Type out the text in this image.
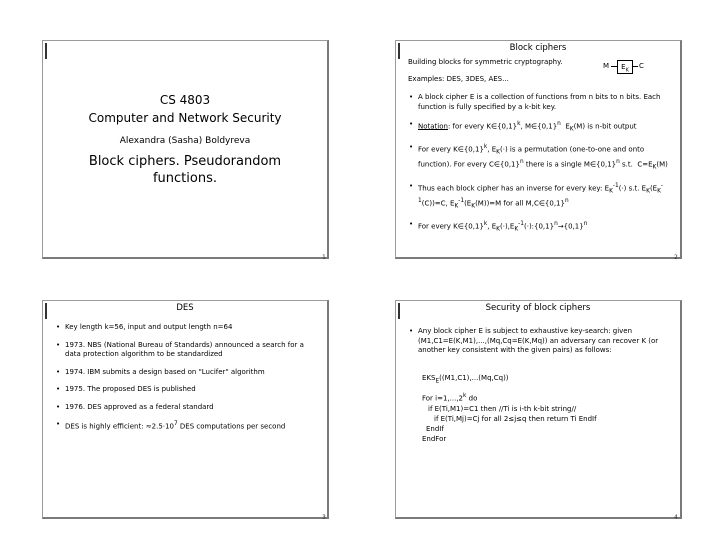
CS 4803
Computer and Network Security
Alexandra (Sasha) Boldyreva
Block ciphers. Pseudorandom functions.
1
Block ciphers
Building blocks for symmetric cryptography.
Examples: DES, 3DES, AES...
M	$E_K$
C
• A block cipher E is a collection of functions from n bits to n bits. Each function is fully specified by a k-bit key.
• Notation: for every $K\in\{0,1\}^k$, $M\in\{0,1\}^n$  $E_K(M)$ is n-bit output
• For every $K\in\{0,1\}^k$, $E_K(\cdot)$ is a permutation (one-to-one and onto function). For every $C\in\{0,1\}^n$ there is a single $M\in\{0,1\}^n$ s.t.  $C=E_K(M)$
• Thus each block cipher has an inverse for every key: $E_K^{-1}(\cdot)$ s.t. $E_K(E_K^{-1}(C))=C$, $E_K^{-1}(E_K(M))=M$ for all $M,C\in\{0,1\}^n$
• For every $K\in\{0,1\}^k$, $E_K(\cdot),E_K^{-1}(\cdot):\{0,1\}^n\to\{0,1\}^n$
2
DES
• Key length k=56, input and output length n=64
• 1973. NBS (National Bureau of Standards) announced a search for a data protection algorithm to be standardized
• 1974. IBM submits a design based on "Lucifer" algorithm
• 1975. The proposed DES is published
• 1976. DES approved as a federal standard
• DES is highly efficient: $\approx 2.5\cdot 10^7$ DES computations per second
3
Security of block ciphers
• Any block cipher E is subject to exhaustive key-search: given (M1,C1=E(K,M1),...,(Mq,Cq=E(K,Mq)) an adversary can recover K (or another key consistent with the given pairs) as follows:
$EKS_E((M1,C1),...(Mq,Cq))$
For $i=1,...,2^k$ do
if E(Ti,M1)=C1 then //Ti is i-th k-bit string//
if E(Ti,Mj)=Cj for all 2≤j≤q then return Ti EndIf
EndIf
EndFor
4
